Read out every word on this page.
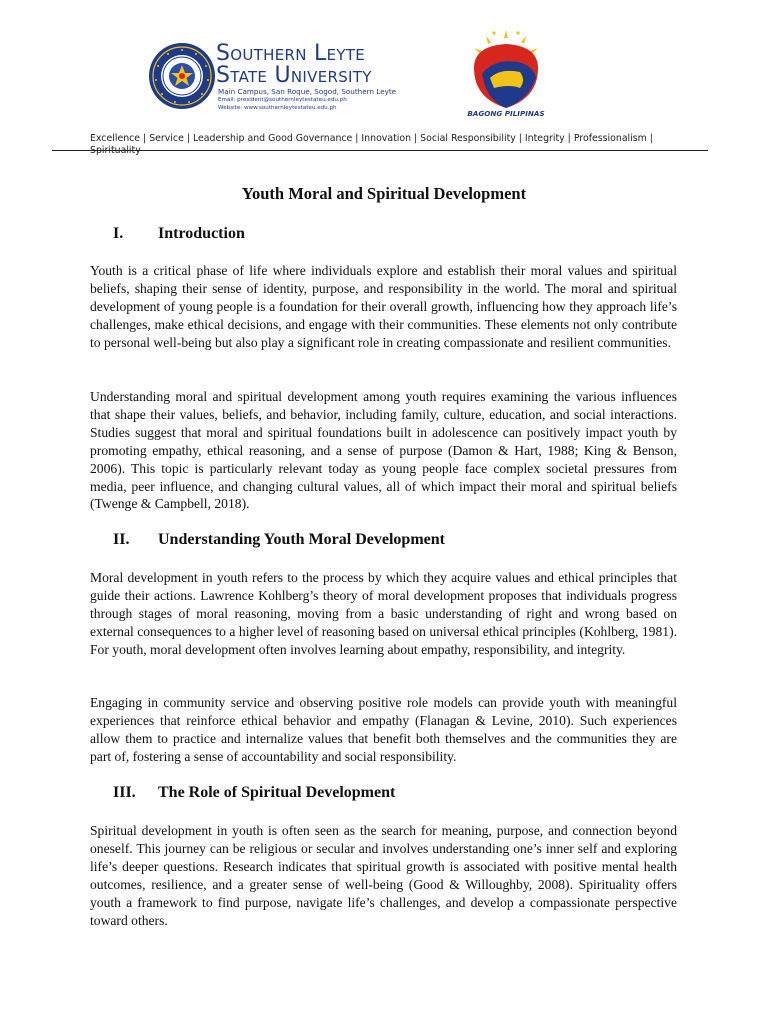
Southern Leyte
State University
Main Campus, San Roque, Sogod, Southern Leyte
Email: president@southernleytestateu.edu.ph
Website: www.southernleytestateu.edu.ph
BAGONG PILIPINAS
Excellence | Service | Leadership and Good Governance | Innovation | Social Responsibility | Integrity | Professionalism | Spirituality
Youth Moral and Spiritual Development
I. Introduction

Youth is a critical phase of life where individuals explore and establish their moral values and spiritual beliefs, shaping their sense of identity, purpose, and responsibility in the world. The moral and spiritual development of young people is a foundation for their overall growth, influencing how they approach life’s challenges, make ethical decisions, and engage with their communities. These elements not only contribute to personal well-being but also play a significant role in creating compassionate and resilient communities.

Understanding moral and spiritual development among youth requires examining the various influences that shape their values, beliefs, and behavior, including family, culture, education, and social interactions. Studies suggest that moral and spiritual foundations built in adolescence can positively impact youth by promoting empathy, ethical reasoning, and a sense of purpose (Damon & Hart, 1988; King & Benson, 2006). This topic is particularly relevant today as young people face complex societal pressures from media, peer influence, and changing cultural values, all of which impact their moral and spiritual beliefs (Twenge & Campbell, 2018).

II. Understanding Youth Moral Development

Moral development in youth refers to the process by which they acquire values and ethical principles that guide their actions. Lawrence Kohlberg’s theory of moral development proposes that individuals progress through stages of moral reasoning, moving from a basic understanding of right and wrong based on external consequences to a higher level of reasoning based on universal ethical principles (Kohlberg, 1981). For youth, moral development often involves learning about empathy, responsibility, and integrity.

Engaging in community service and observing positive role models can provide youth with meaningful experiences that reinforce ethical behavior and empathy (Flanagan & Levine, 2010). Such experiences allow them to practice and internalize values that benefit both themselves and the communities they are part of, fostering a sense of accountability and social responsibility.

III. The Role of Spiritual Development

Spiritual development in youth is often seen as the search for meaning, purpose, and connection beyond oneself. This journey can be religious or secular and involves understanding one’s inner self and exploring life’s deeper questions. Research indicates that spiritual growth is associated with positive mental health outcomes, resilience, and a greater sense of well-being (Good & Willoughby, 2008). Spirituality offers youth a framework to find purpose, navigate life’s challenges, and develop a compassionate perspective toward others.
